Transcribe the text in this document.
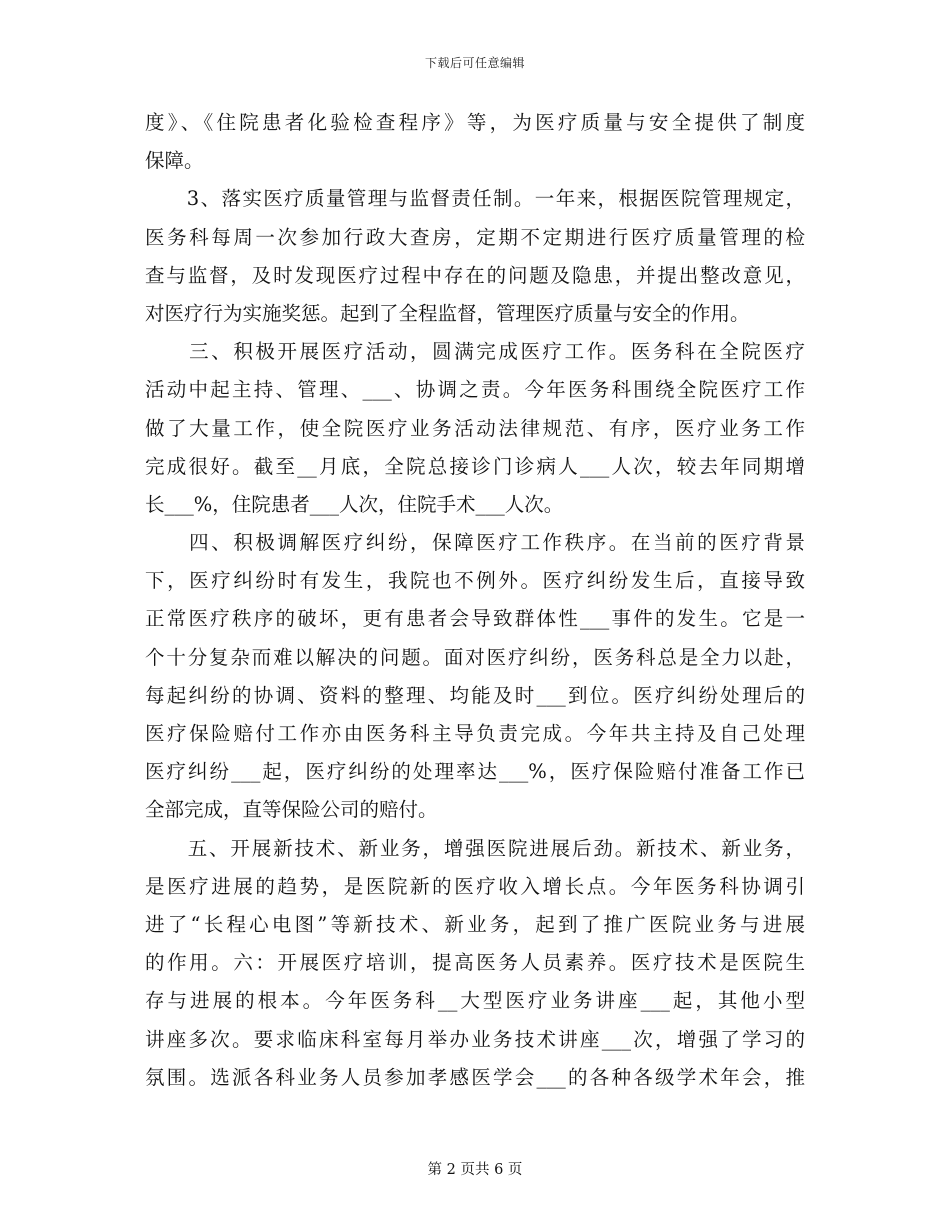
下载后可任意编辑
度》、《住院患者化验检查程序》等，为医疗质量与安全提供了制度
保障。
　　3、落实医疗质量管理与监督责任制。一年来，根据医院管理规定，
医务科每周一次参加行政大查房，定期不定期进行医疗质量管理的检
查与监督，及时发现医疗过程中存在的问题及隐患，并提出整改意见，
对医疗行为实施奖惩。起到了全程监督，管理医疗质量与安全的作用。
　　三、积极开展医疗活动，圆满完成医疗工作。医务科在全院医疗
活动中起主持、管理、___、协调之责。今年医务科围绕全院医疗工作
做了大量工作，使全院医疗业务活动法律规范、有序，医疗业务工作
完成很好。截至__月底，全院总接诊门诊病人___人次，较去年同期增
长___%，住院患者___人次，住院手术___人次。
　　四、积极调解医疗纠纷，保障医疗工作秩序。在当前的医疗背景
下，医疗纠纷时有发生，我院也不例外。医疗纠纷发生后，直接导致
正常医疗秩序的破坏，更有患者会导致群体性___事件的发生。它是一
个十分复杂而难以解决的问题。面对医疗纠纷，医务科总是全力以赴，
每起纠纷的协调、资料的整理、均能及时___到位。医疗纠纷处理后的
医疗保险赔付工作亦由医务科主导负责完成。今年共主持及自己处理
医疗纠纷___起，医疗纠纷的处理率达___%，医疗保险赔付准备工作已
全部完成，直等保险公司的赔付。
　　五、开展新技术、新业务，增强医院进展后劲。新技术、新业务，
是医疗进展的趋势，是医院新的医疗收入增长点。今年医务科协调引
进了“长程心电图”等新技术、新业务，起到了推广医院业务与进展
的作用。六：开展医疗培训，提高医务人员素养。医疗技术是医院生
存与进展的根本。今年医务科__大型医疗业务讲座___起，其他小型
讲座多次。要求临床科室每月举办业务技术讲座___次，增强了学习的
氛围。选派各科业务人员参加孝感医学会___的各种各级学术年会，推
第 2 页共 6 页
